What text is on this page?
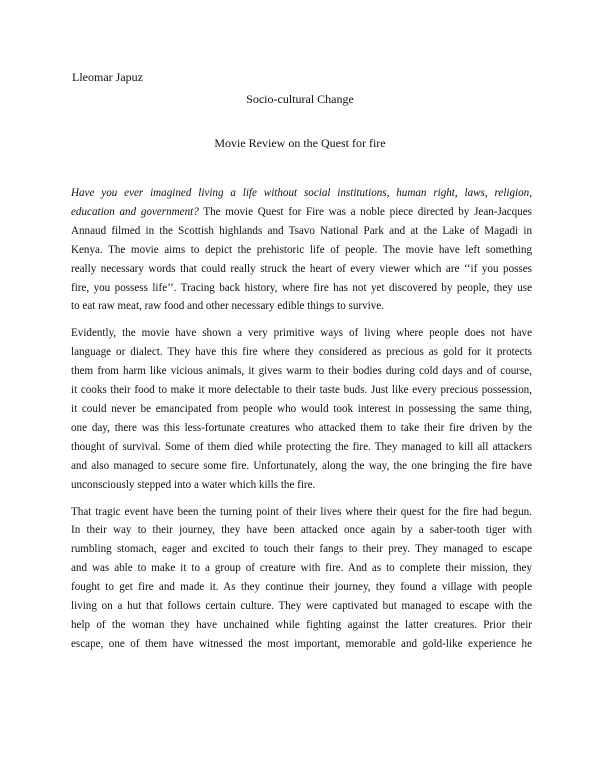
Lleomar Japuz
Socio-cultural Change
Movie Review on the Quest for fire

Have you ever imagined living a life without social institutions, human right, laws, religion,
education and government? The movie Quest for Fire was a noble piece directed by Jean-Jacques
Annaud filmed in the Scottish highlands and Tsavo National Park and at the Lake of Magadi in
Kenya. The movie aims to depict the prehistoric life of people. The movie have left something
really necessary words that could really struck the heart of every viewer which are ‘‘if you posses
fire, you possess life’’. Tracing back history, where fire has not yet discovered by people, they use
to eat raw meat, raw food and other necessary edible things to survive.

Evidently, the movie have shown a very primitive ways of living where people does not have
language or dialect. They have this fire where they considered as precious as gold for it protects
them from harm like vicious animals, it gives warm to their bodies during cold days and of course,
it cooks their food to make it more delectable to their taste buds. Just like every precious possession,
it could never be emancipated from people who would took interest in possessing the same thing,
one day, there was this less-fortunate creatures who attacked them to take their fire driven by the
thought of survival. Some of them died while protecting the fire. They managed to kill all attackers
and also managed to secure some fire. Unfortunately, along the way, the one bringing the fire have
unconsciously stepped into a water which kills the fire.

That tragic event have been the turning point of their lives where their quest for the fire had begun.
In their way to their journey, they have been attacked once again by a saber-tooth tiger with
rumbling stomach, eager and excited to touch their fangs to their prey. They managed to escape
and was able to make it to a group of creature with fire. And as to complete their mission, they
fought to get fire and made it. As they continue their journey, they found a village with people
living on a hut that follows certain culture. They were captivated but managed to escape with the
help of the woman they have unchained while fighting against the latter creatures. Prior their
escape, one of them have witnessed the most important, memorable and gold-like experience he
